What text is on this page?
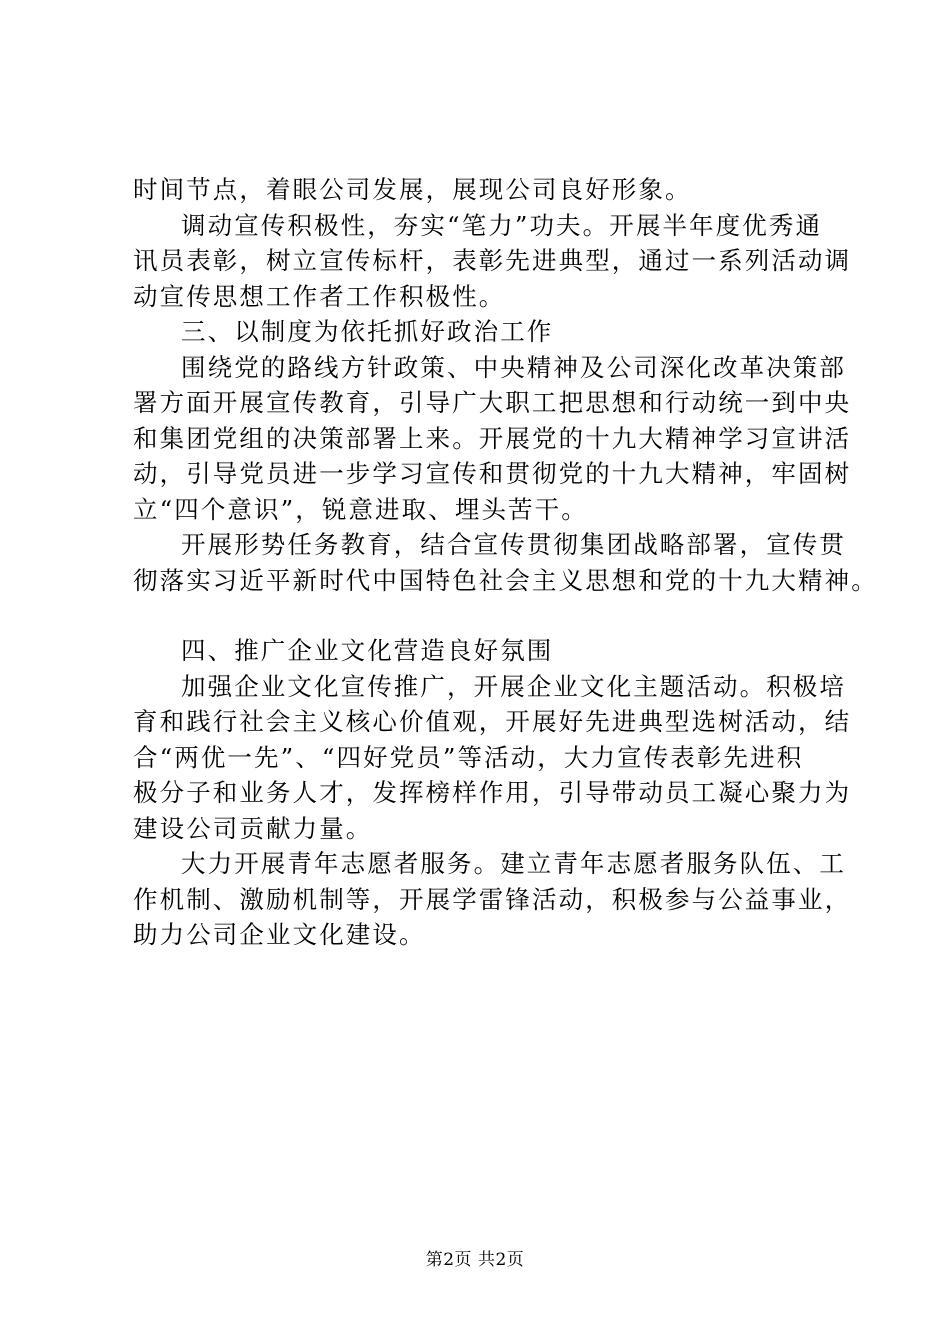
时间节点，着眼公司发展，展现公司良好形象。
调动宣传积极性，夯实“笔力”功夫。开展半年度优秀通
讯员表彰，树立宣传标杆，表彰先进典型，通过一系列活动调
动宣传思想工作者工作积极性。
三、以制度为依托抓好政治工作
围绕党的路线方针政策、中央精神及公司深化改革决策部
署方面开展宣传教育，引导广大职工把思想和行动统一到中央
和集团党组的决策部署上来。开展党的十九大精神学习宣讲活
动，引导党员进一步学习宣传和贯彻党的十九大精神，牢固树
立“四个意识”，锐意进取、埋头苦干。
开展形势任务教育，结合宣传贯彻集团战略部署，宣传贯
彻落实习近平新时代中国特色社会主义思想和党的十九大精神。
四、推广企业文化营造良好氛围
加强企业文化宣传推广，开展企业文化主题活动。积极培
育和践行社会主义核心价值观，开展好先进典型选树活动，结
合“两优一先”、“四好党员”等活动，大力宣传表彰先进积
极分子和业务人才，发挥榜样作用，引导带动员工凝心聚力为
建设公司贡献力量。
大力开展青年志愿者服务。建立青年志愿者服务队伍、工
作机制、激励机制等，开展学雷锋活动，积极参与公益事业，
助力公司企业文化建设。
第2页 共2页
